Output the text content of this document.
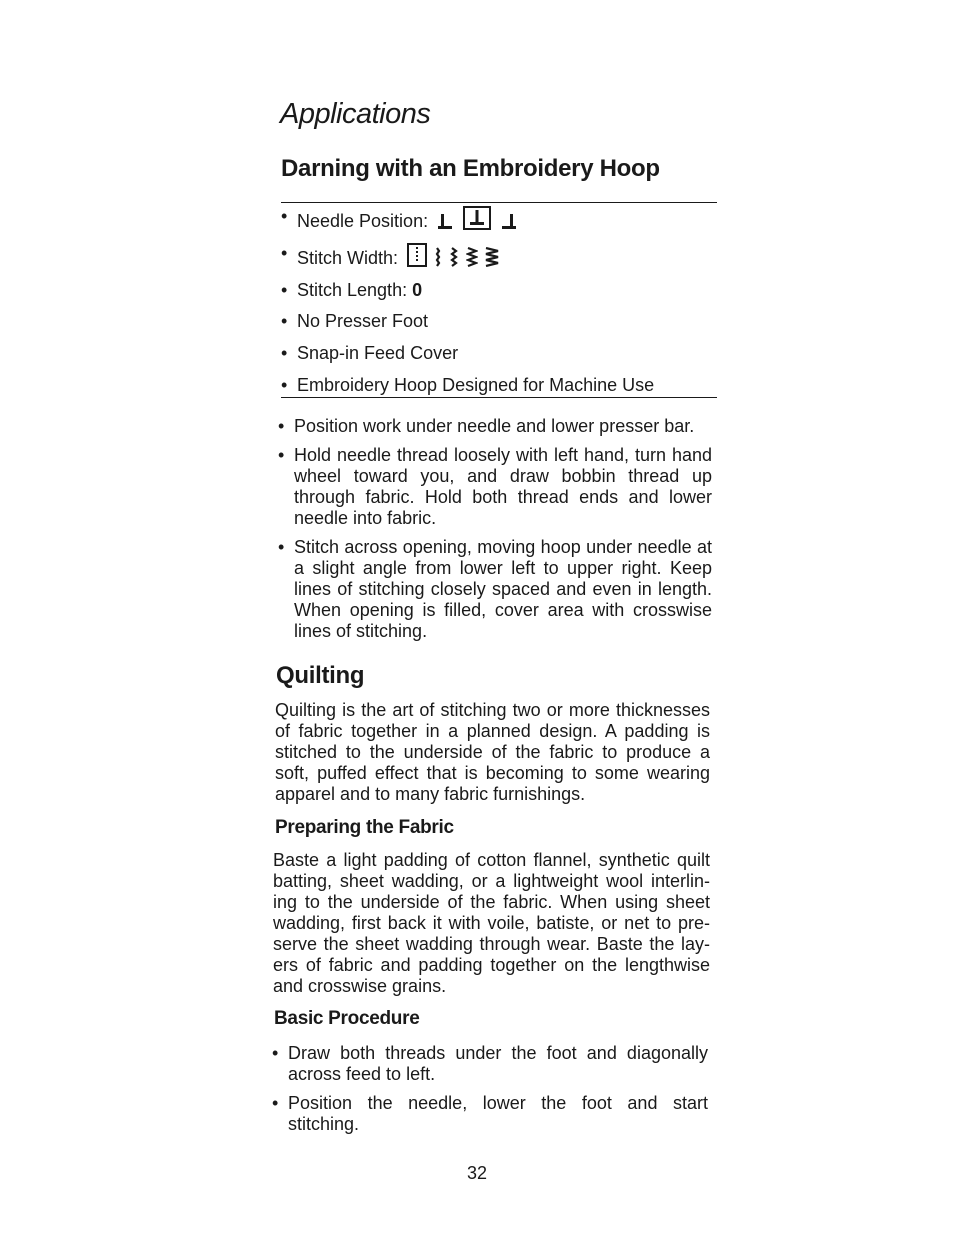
Applications
Darning with an Embroidery Hoop
• Needle Position:
• Stitch Width:
• Stitch Length: 0
• No Presser Foot
• Snap-in Feed Cover
• Embroidery Hoop Designed for Machine Use
• Position work under needle and lower presser bar.
• Hold needle thread loosely with left hand, turn hand wheel toward you, and draw bobbin thread up through fabric. Hold both thread ends and lower needle into fabric.
• Stitch across opening, moving hoop under needle at a slight angle from lower left to upper right. Keep lines of stitching closely spaced and even in length. When opening is filled, cover area with crosswise lines of stitching.
Quilting

Quilting is the art of stitching two or more thicknesses of fabric together in a planned design. A padding is stitched to the underside of the fabric to produce a soft, puffed effect that is becoming to some wearing apparel and to many fabric furnishings.

Preparing the Fabric

Baste a light padding of cotton flannel, synthetic quilt batting, sheet wadding, or a lightweight wool interlin-ing to the underside of the fabric. When using sheet wadding, first back it with voile, batiste, or net to pre-serve the sheet wadding through wear. Baste the lay-ers of fabric and padding together on the lengthwise and crosswise grains.

Basic Procedure
• Draw both threads under the foot and diagonally across feed to left.
• Position the needle, lower the foot and start stitching.
32
